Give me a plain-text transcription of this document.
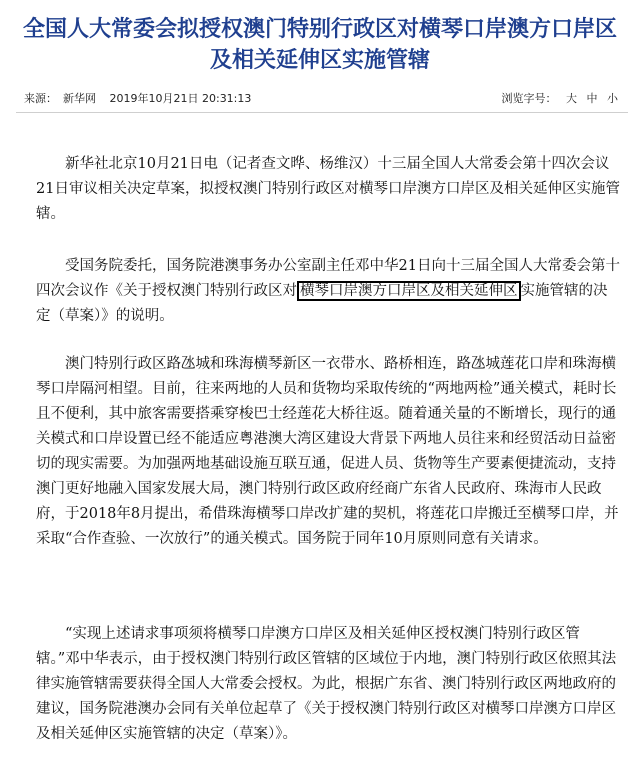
全国人大常委会拟授权澳门特别行政区对横琴口岸澳方口岸区
及相关延伸区实施管辖
来源： 新华网 2019年10月21日 20:31:13	浏览字号： 大 中 小

新华社北京10月21日电（记者查文晔、杨维汉）十三届全国人大常委会第十四次会议21日审议相关决定草案，拟授权澳门特别行政区对横琴口岸澳方口岸区及相关延伸区实施管辖。

受国务院委托，国务院港澳事务办公室副主任邓中华21日向十三届全国人大常委会第十四次会议作《关于授权澳门特别行政区对 横琴口岸澳方口岸区及相关延伸区 实施管辖的决定（草案）》的说明。

澳门特别行政区路氹城和珠海横琴新区一衣带水、路桥相连，路氹城莲花口岸和珠海横琴口岸隔河相望。目前，往来两地的人员和货物均采取传统的“两地两检”通关模式，耗时长且不便利，其中旅客需要搭乘穿梭巴士经莲花大桥往返。随着通关量的不断增长，现行的通关模式和口岸设置已经不能适应粤港澳大湾区建设大背景下两地人员往来和经贸活动日益密切的现实需要。为加强两地基础设施互联互通，促进人员、货物等生产要素便捷流动，支持澳门更好地融入国家发展大局，澳门特别行政区政府经商广东省人民政府、珠海市人民政府，于2018年8月提出，希借珠海横琴口岸改扩建的契机，将莲花口岸搬迁至横琴口岸，并采取“合作查验、一次放行”的通关模式。国务院于同年10月原则同意有关请求。

“实现上述请求事项须将横琴口岸澳方口岸区及相关延伸区授权澳门特别行政区管辖。”邓中华表示，由于授权澳门特别行政区管辖的区域位于内地，澳门特别行政区依照其法律实施管辖需要获得全国人大常委会授权。为此，根据广东省、澳门特别行政区两地政府的建议，国务院港澳办会同有关单位起草了《关于授权澳门特别行政区对横琴口岸澳方口岸区及相关延伸区实施管辖的决定（草案）》。
